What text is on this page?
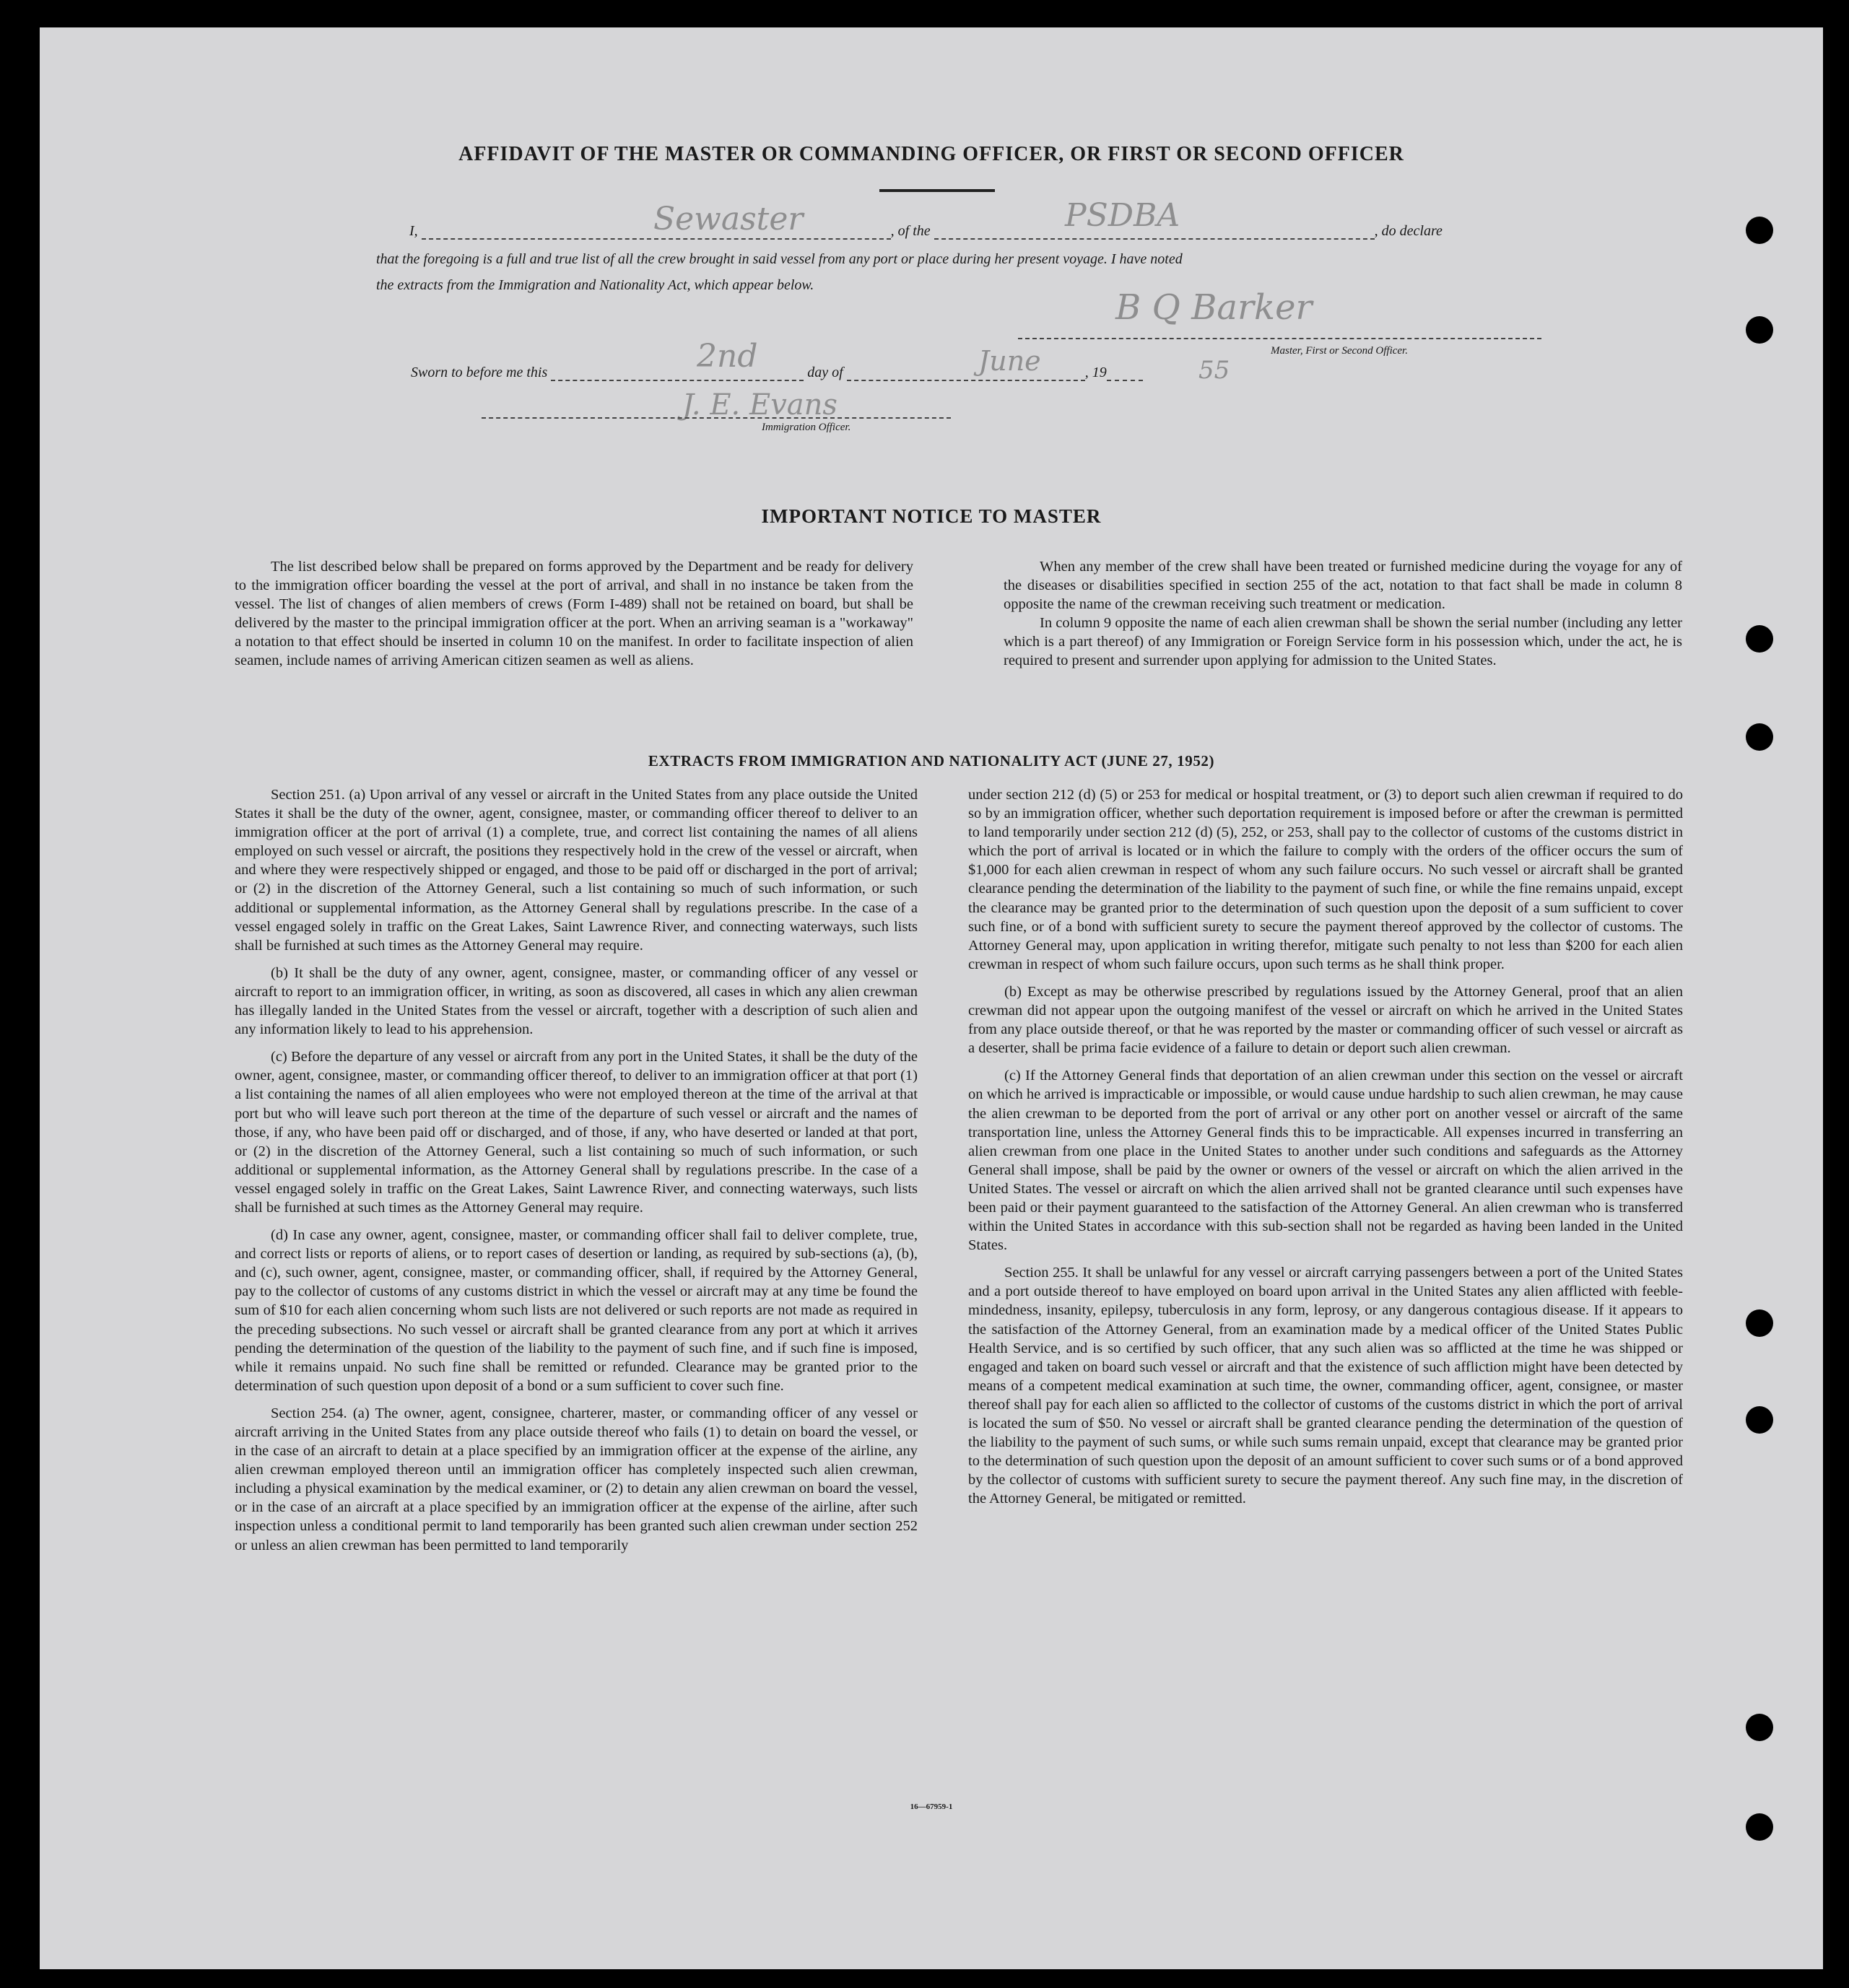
AFFIDAVIT OF THE MASTER OR COMMANDING OFFICER, OR FIRST OR SECOND OFFICER
I,	, of the	, do declare
Sewaster	PSDBA
that the foregoing is a full and true list of all the crew brought in said vessel from any port or place during her present voyage. I have noted
the extracts from the Immigration and Nationality Act, which appear below.
B Q Barker
Master, First or Second Officer.
Sworn to before me this	day of	, 19
2nd	June	55
J. E. Evans
Immigration Officer.
IMPORTANT NOTICE TO MASTER

The list described below shall be prepared on forms approved by the Department and be ready for delivery to the immigration officer boarding the vessel at the port of arrival, and shall in no instance be taken from the vessel. The list of changes of alien members of crews (Form I-489) shall not be retained on board, but shall be delivered by the master to the principal immigration officer at the port. When an arriving seaman is a "workaway" a notation to that effect should be inserted in column 10 on the manifest. In order to facilitate inspection of alien seamen, include names of arriving American citizen seamen as well as aliens.

When any member of the crew shall have been treated or furnished medicine during the voyage for any of the diseases or disabilities specified in section 255 of the act, notation to that fact shall be made in column 8 opposite the name of the crewman receiving such treatment or medication.

In column 9 opposite the name of each alien crewman shall be shown the serial number (including any letter which is a part thereof) of any Immigration or Foreign Service form in his possession which, under the act, he is required to present and surrender upon applying for admission to the United States.

EXTRACTS FROM IMMIGRATION AND NATIONALITY ACT (JUNE 27, 1952)

Section 251. (a) Upon arrival of any vessel or aircraft in the United States from any place outside the United States it shall be the duty of the owner, agent, consignee, master, or commanding officer thereof to deliver to an immigration officer at the port of arrival (1) a complete, true, and correct list containing the names of all aliens employed on such vessel or aircraft, the positions they respectively hold in the crew of the vessel or aircraft, when and where they were respectively shipped or engaged, and those to be paid off or discharged in the port of arrival; or (2) in the discretion of the Attorney General, such a list containing so much of such information, or such additional or supplemental information, as the Attorney General shall by regulations prescribe. In the case of a vessel engaged solely in traffic on the Great Lakes, Saint Lawrence River, and connecting waterways, such lists shall be furnished at such times as the Attorney General may require.

(b) It shall be the duty of any owner, agent, consignee, master, or commanding officer of any vessel or aircraft to report to an immigration officer, in writing, as soon as discovered, all cases in which any alien crewman has illegally landed in the United States from the vessel or aircraft, together with a description of such alien and any information likely to lead to his apprehension.

(c) Before the departure of any vessel or aircraft from any port in the United States, it shall be the duty of the owner, agent, consignee, master, or commanding officer thereof, to deliver to an immigration officer at that port (1) a list containing the names of all alien employees who were not employed thereon at the time of the arrival at that port but who will leave such port thereon at the time of the departure of such vessel or aircraft and the names of those, if any, who have been paid off or discharged, and of those, if any, who have deserted or landed at that port, or (2) in the discretion of the Attorney General, such a list containing so much of such information, or such additional or supplemental information, as the Attorney General shall by regulations prescribe. In the case of a vessel engaged solely in traffic on the Great Lakes, Saint Lawrence River, and connecting waterways, such lists shall be furnished at such times as the Attorney General may require.

(d) In case any owner, agent, consignee, master, or commanding officer shall fail to deliver complete, true, and correct lists or reports of aliens, or to report cases of desertion or landing, as required by sub-sections (a), (b), and (c), such owner, agent, consignee, master, or commanding officer, shall, if required by the Attorney General, pay to the collector of customs of any customs district in which the vessel or aircraft may at any time be found the sum of $10 for each alien concerning whom such lists are not delivered or such reports are not made as required in the preceding subsections. No such vessel or aircraft shall be granted clearance from any port at which it arrives pending the determination of the question of the liability to the payment of such fine, and if such fine is imposed, while it remains unpaid. No such fine shall be remitted or refunded. Clearance may be granted prior to the determination of such question upon deposit of a bond or a sum sufficient to cover such fine.

Section 254. (a) The owner, agent, consignee, charterer, master, or commanding officer of any vessel or aircraft arriving in the United States from any place outside thereof who fails (1) to detain on board the vessel, or in the case of an aircraft to detain at a place specified by an immigration officer at the expense of the airline, any alien crewman employed thereon until an immigration officer has completely inspected such alien crewman, including a physical examination by the medical examiner, or (2) to detain any alien crewman on board the vessel, or in the case of an aircraft at a place specified by an immigration officer at the expense of the airline, after such inspection unless a conditional permit to land temporarily has been granted such alien crewman under section 252 or unless an alien crewman has been permitted to land temporarily

under section 212 (d) (5) or 253 for medical or hospital treatment, or (3) to deport such alien crewman if required to do so by an immigration officer, whether such deportation requirement is imposed before or after the crewman is permitted to land temporarily under section 212 (d) (5), 252, or 253, shall pay to the collector of customs of the customs district in which the port of arrival is located or in which the failure to comply with the orders of the officer occurs the sum of $1,000 for each alien crewman in respect of whom any such failure occurs. No such vessel or aircraft shall be granted clearance pending the determination of the liability to the payment of such fine, or while the fine remains unpaid, except the clearance may be granted prior to the determination of such question upon the deposit of a sum sufficient to cover such fine, or of a bond with sufficient surety to secure the payment thereof approved by the collector of customs. The Attorney General may, upon application in writing therefor, mitigate such penalty to not less than $200 for each alien crewman in respect of whom such failure occurs, upon such terms as he shall think proper.

(b) Except as may be otherwise prescribed by regulations issued by the Attorney General, proof that an alien crewman did not appear upon the outgoing manifest of the vessel or aircraft on which he arrived in the United States from any place outside thereof, or that he was reported by the master or commanding officer of such vessel or aircraft as a deserter, shall be prima facie evidence of a failure to detain or deport such alien crewman.

(c) If the Attorney General finds that deportation of an alien crewman under this section on the vessel or aircraft on which he arrived is impracticable or impossible, or would cause undue hardship to such alien crewman, he may cause the alien crewman to be deported from the port of arrival or any other port on another vessel or aircraft of the same transportation line, unless the Attorney General finds this to be impracticable. All expenses incurred in transferring an alien crewman from one place in the United States to another under such conditions and safeguards as the Attorney General shall impose, shall be paid by the owner or owners of the vessel or aircraft on which the alien arrived in the United States. The vessel or aircraft on which the alien arrived shall not be granted clearance until such expenses have been paid or their payment guaranteed to the satisfaction of the Attorney General. An alien crewman who is transferred within the United States in accordance with this sub-section shall not be regarded as having been landed in the United States.

Section 255. It shall be unlawful for any vessel or aircraft carrying passengers between a port of the United States and a port outside thereof to have employed on board upon arrival in the United States any alien afflicted with feeble-mindedness, insanity, epilepsy, tuberculosis in any form, leprosy, or any dangerous contagious disease. If it appears to the satisfaction of the Attorney General, from an examination made by a medical officer of the United States Public Health Service, and is so certified by such officer, that any such alien was so afflicted at the time he was shipped or engaged and taken on board such vessel or aircraft and that the existence of such affliction might have been detected by means of a competent medical examination at such time, the owner, commanding officer, agent, consignee, or master thereof shall pay for each alien so afflicted to the collector of customs of the customs district in which the port of arrival is located the sum of $50. No vessel or aircraft shall be granted clearance pending the determination of the question of the liability to the payment of such sums, or while such sums remain unpaid, except that clearance may be granted prior to the determination of such question upon the deposit of an amount sufficient to cover such sums or of a bond approved by the collector of customs with sufficient surety to secure the payment thereof. Any such fine may, in the discretion of the Attorney General, be mitigated or remitted.

16—67959-1
